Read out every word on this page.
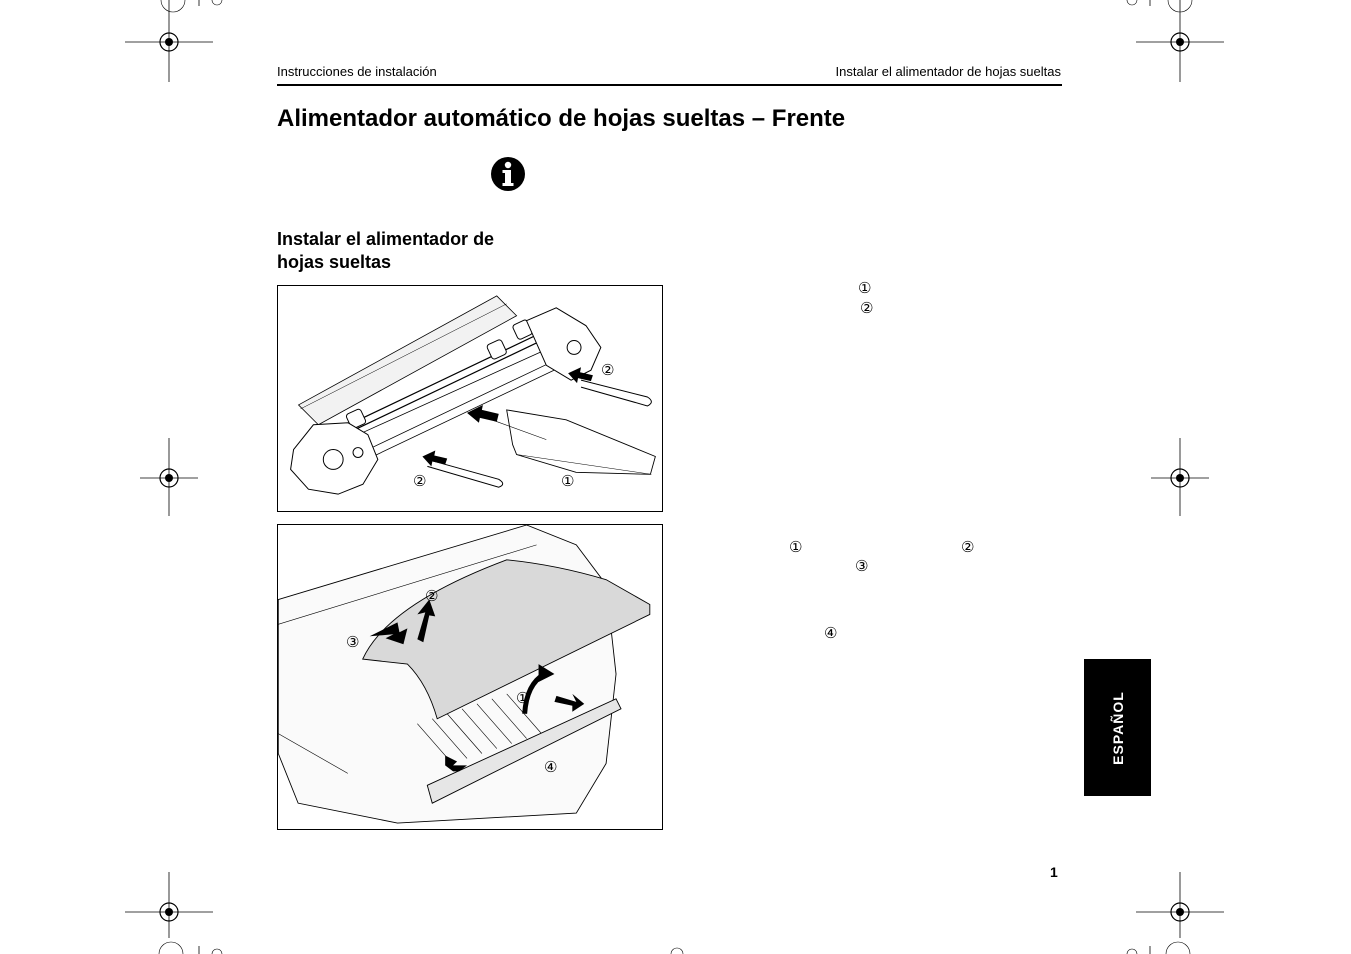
Instrucciones de instalación	Instalar el alimentador de hojas sueltas
Alimentador automático de hojas sueltas – Frente
Instalar el alimentador de
hojas sueltas
②	①
②
②
③
①
④
①
②
①	②
③
④
ESPAÑOL
1
